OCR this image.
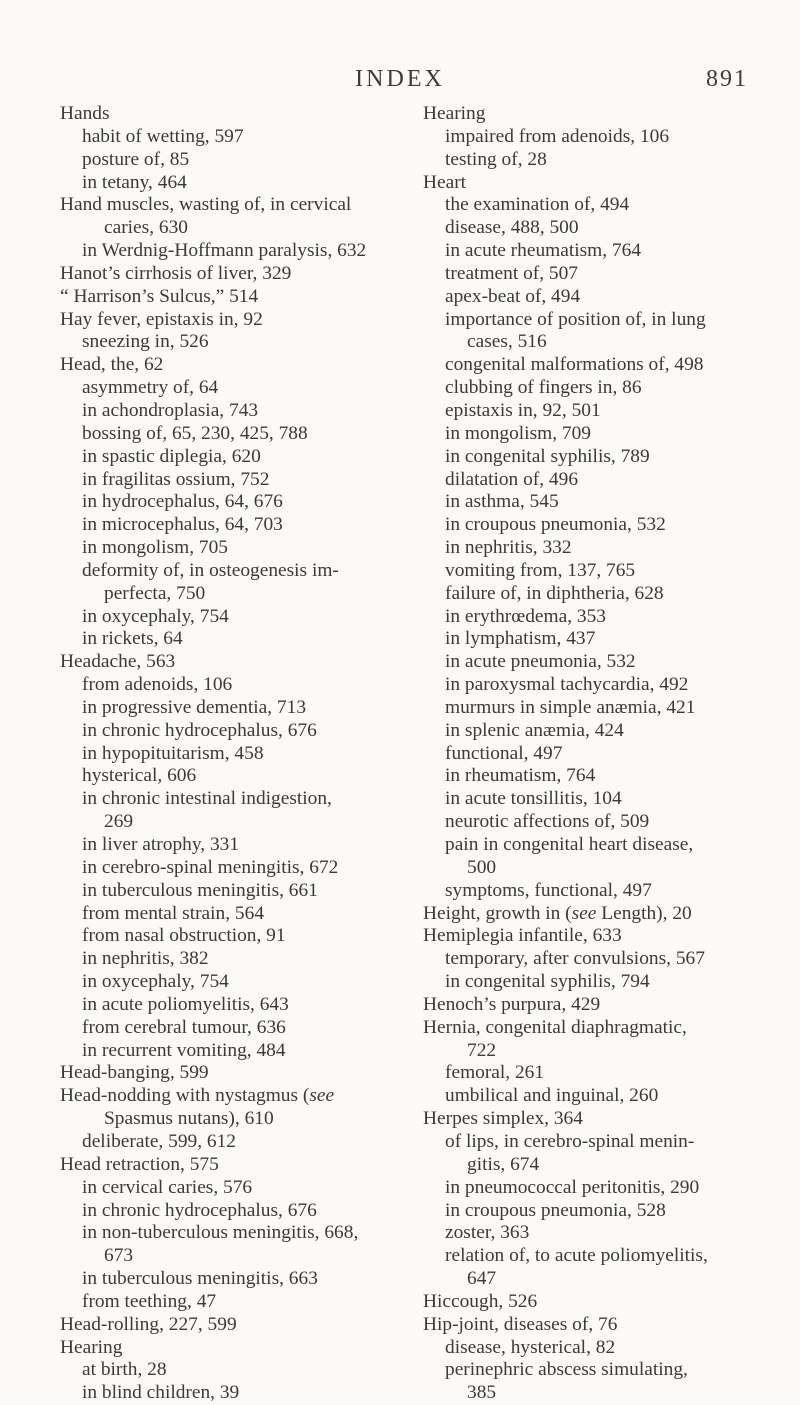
INDEX	891
Hands
habit of wetting, 597
posture of, 85
in tetany, 464
Hand muscles, wasting of, in cervical
caries, 630
in Werdnig-Hoffmann paralysis, 632
Hanot’s cirrhosis of liver, 329
“ Harrison’s Sulcus,” 514
Hay fever, epistaxis in, 92
sneezing in, 526
Head, the, 62
asymmetry of, 64
in achondroplasia, 743
bossing of, 65, 230, 425, 788
in spastic diplegia, 620
in fragilitas ossium, 752
in hydrocephalus, 64, 676
in microcephalus, 64, 703
in mongolism, 705
deformity of, in osteogenesis im-
perfecta, 750
in oxycephaly, 754
in rickets, 64
Headache, 563
from adenoids, 106
in progressive dementia, 713
in chronic hydrocephalus, 676
in hypopituitarism, 458
hysterical, 606
in chronic intestinal indigestion,
269
in liver atrophy, 331
in cerebro-spinal meningitis, 672
in tuberculous meningitis, 661
from mental strain, 564
from nasal obstruction, 91
in nephritis, 382
in oxycephaly, 754
in acute poliomyelitis, 643
from cerebral tumour, 636
in recurrent vomiting, 484
Head-banging, 599
Head-nodding with nystagmus (see
Spasmus nutans), 610
deliberate, 599, 612
Head retraction, 575
in cervical caries, 576
in chronic hydrocephalus, 676
in non-tuberculous meningitis, 668,
673
in tuberculous meningitis, 663
from teething, 47
Head-rolling, 227, 599
Hearing
at birth, 28
in blind children, 39
Hearing
impaired from adenoids, 106
testing of, 28
Heart
the examination of, 494
disease, 488, 500
in acute rheumatism, 764
treatment of, 507
apex-beat of, 494
importance of position of, in lung
cases, 516
congenital malformations of, 498
clubbing of fingers in, 86
epistaxis in, 92, 501
in mongolism, 709
in congenital syphilis, 789
dilatation of, 496
in asthma, 545
in croupous pneumonia, 532
in nephritis, 332
vomiting from, 137, 765
failure of, in diphtheria, 628
in erythrœdema, 353
in lymphatism, 437
in acute pneumonia, 532
in paroxysmal tachycardia, 492
murmurs in simple anæmia, 421
in splenic anæmia, 424
functional, 497
in rheumatism, 764
in acute tonsillitis, 104
neurotic affections of, 509
pain in congenital heart disease,
500
symptoms, functional, 497
Height, growth in (see Length), 20
Hemiplegia infantile, 633
temporary, after convulsions, 567
in congenital syphilis, 794
Henoch’s purpura, 429
Hernia, congenital diaphragmatic,
722
femoral, 261
umbilical and inguinal, 260
Herpes simplex, 364
of lips, in cerebro-spinal menin-
gitis, 674
in pneumococcal peritonitis, 290
in croupous pneumonia, 528
zoster, 363
relation of, to acute poliomyelitis,
647
Hiccough, 526
Hip-joint, diseases of, 76
disease, hysterical, 82
perinephric abscess simulating,
385
